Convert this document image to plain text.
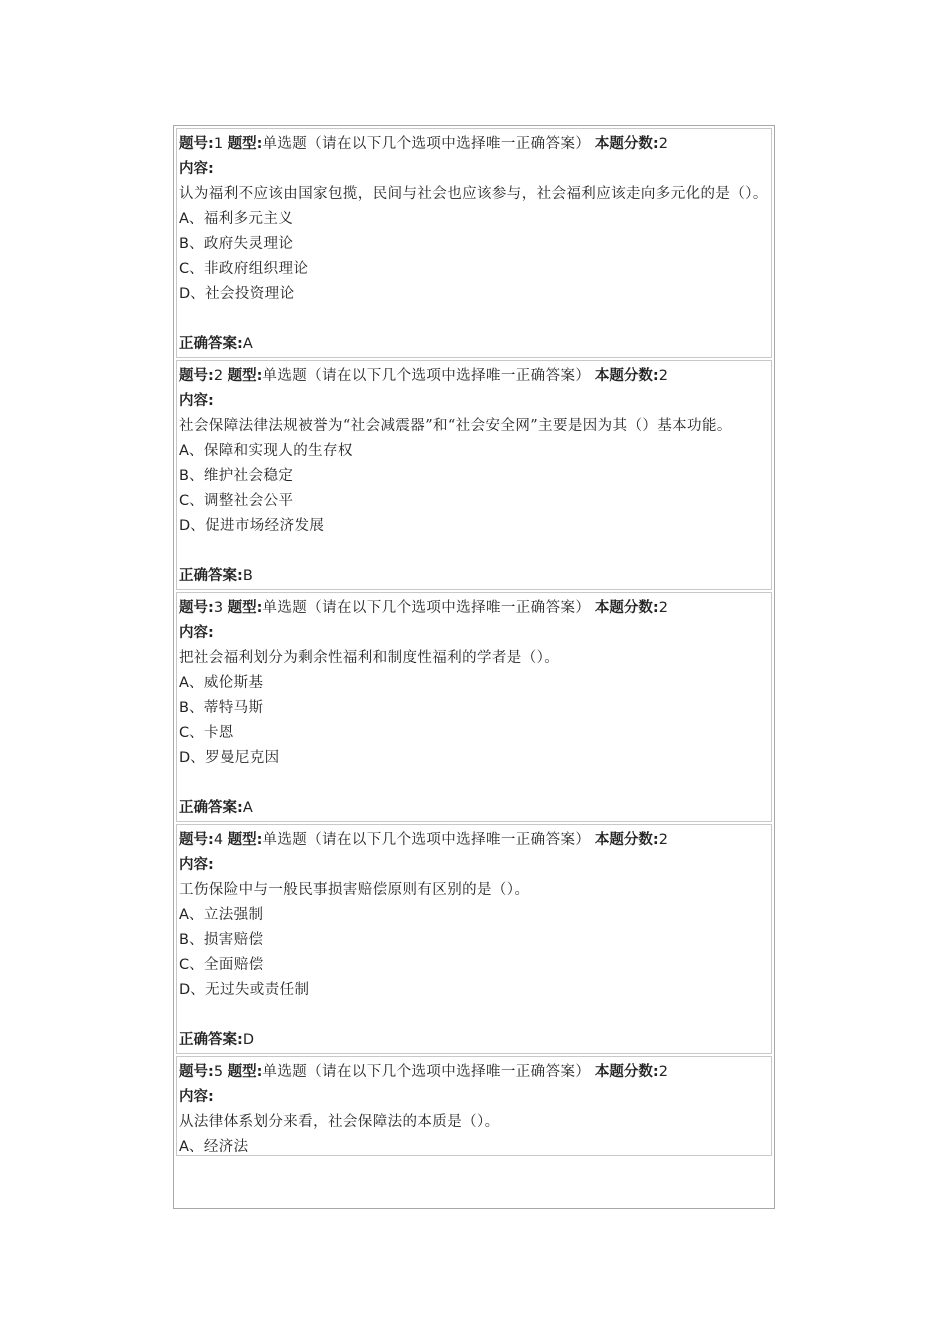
题号:1 题型:单选题（请在以下几个选项中选择唯一正确答案） 本题分数:2
内容:
认为福利不应该由国家包揽，民间与社会也应该参与，社会福利应该走向多元化的是（）。
A、福利多元主义
B、政府失灵理论
C、非政府组织理论
D、社会投资理论
正确答案:A
题号:2 题型:单选题（请在以下几个选项中选择唯一正确答案） 本题分数:2
内容:
社会保障法律法规被誉为“社会减震器”和“社会安全网”主要是因为其（）基本功能。
A、保障和实现人的生存权
B、维护社会稳定
C、调整社会公平
D、促进市场经济发展
正确答案:B
题号:3 题型:单选题（请在以下几个选项中选择唯一正确答案） 本题分数:2
内容:
把社会福利划分为剩余性福利和制度性福利的学者是（）。
A、威伦斯基
B、蒂特马斯
C、卡恩
D、罗曼尼克因
正确答案:A
题号:4 题型:单选题（请在以下几个选项中选择唯一正确答案） 本题分数:2
内容:
工伤保险中与一般民事损害赔偿原则有区别的是（）。
A、立法强制
B、损害赔偿
C、全面赔偿
D、无过失或责任制
正确答案:D
题号:5 题型:单选题（请在以下几个选项中选择唯一正确答案） 本题分数:2
内容:
从法律体系划分来看，社会保障法的本质是（）。
A、经济法
